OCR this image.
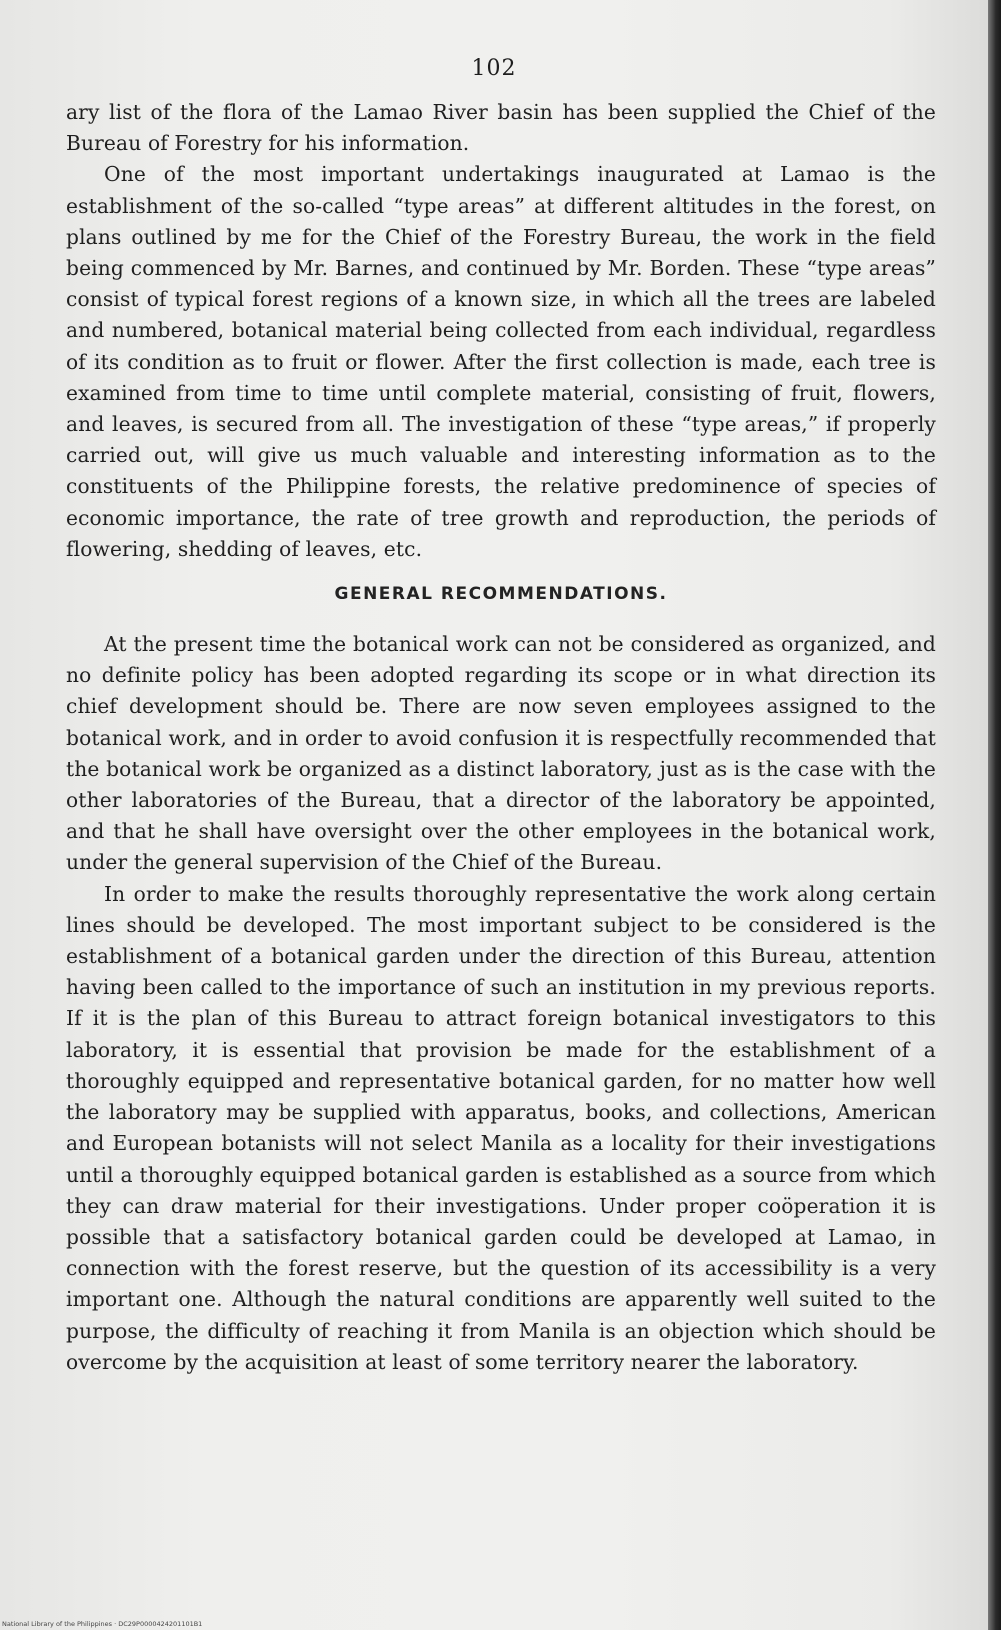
102

ary list of the flora of the Lamao River basin has been supplied the Chief of the Bureau of Forestry for his information.

One of the most important undertakings inaugurated at Lamao is the establishment of the so-called “type areas” at different altitudes in the forest, on plans outlined by me for the Chief of the Forestry Bureau, the work in the field being commenced by Mr. Barnes, and continued by Mr. Borden. These “type areas” consist of typical forest regions of a known size, in which all the trees are labeled and numbered, botanical material being collected from each individual, regardless of its condition as to fruit or flower. After the first collection is made, each tree is examined from time to time until complete material, consisting of fruit, flowers, and leaves, is secured from all. The investigation of these “type areas,” if properly carried out, will give us much valuable and interesting information as to the constituents of the Philippine forests, the relative predominence of species of economic importance, the rate of tree growth and reproduction, the periods of flowering, shedding of leaves, etc.

GENERAL RECOMMENDATIONS.

At the present time the botanical work can not be considered as organized, and no definite policy has been adopted regarding its scope or in what direction its chief development should be. There are now seven employees assigned to the botanical work, and in order to avoid confusion it is respectfully recommended that the botanical work be organized as a distinct laboratory, just as is the case with the other laboratories of the Bureau, that a director of the laboratory be appointed, and that he shall have oversight over the other employees in the botanical work, under the general supervision of the Chief of the Bureau.

In order to make the results thoroughly representative the work along certain lines should be developed. The most important subject to be considered is the establishment of a botanical garden under the direction of this Bureau, attention having been called to the importance of such an institution in my previous reports. If it is the plan of this Bureau to attract foreign botanical investigators to this laboratory, it is essential that provision be made for the establishment of a thoroughly equipped and representative botanical garden, for no matter how well the laboratory may be supplied with apparatus, books, and collections, American and European botanists will not select Manila as a locality for their investigations until a thoroughly equipped botanical garden is established as a source from which they can draw material for their investigations. Under proper coöperation it is possible that a satisfactory botanical garden could be developed at Lamao, in connection with the forest reserve, but the question of its accessibility is a very important one. Although the natural conditions are apparently well suited to the purpose, the difficulty of reaching it from Manila is an objection which should be overcome by the acquisition at least of some territory nearer the laboratory.

National Library of the Philippines · DC29P0000424201101B1
